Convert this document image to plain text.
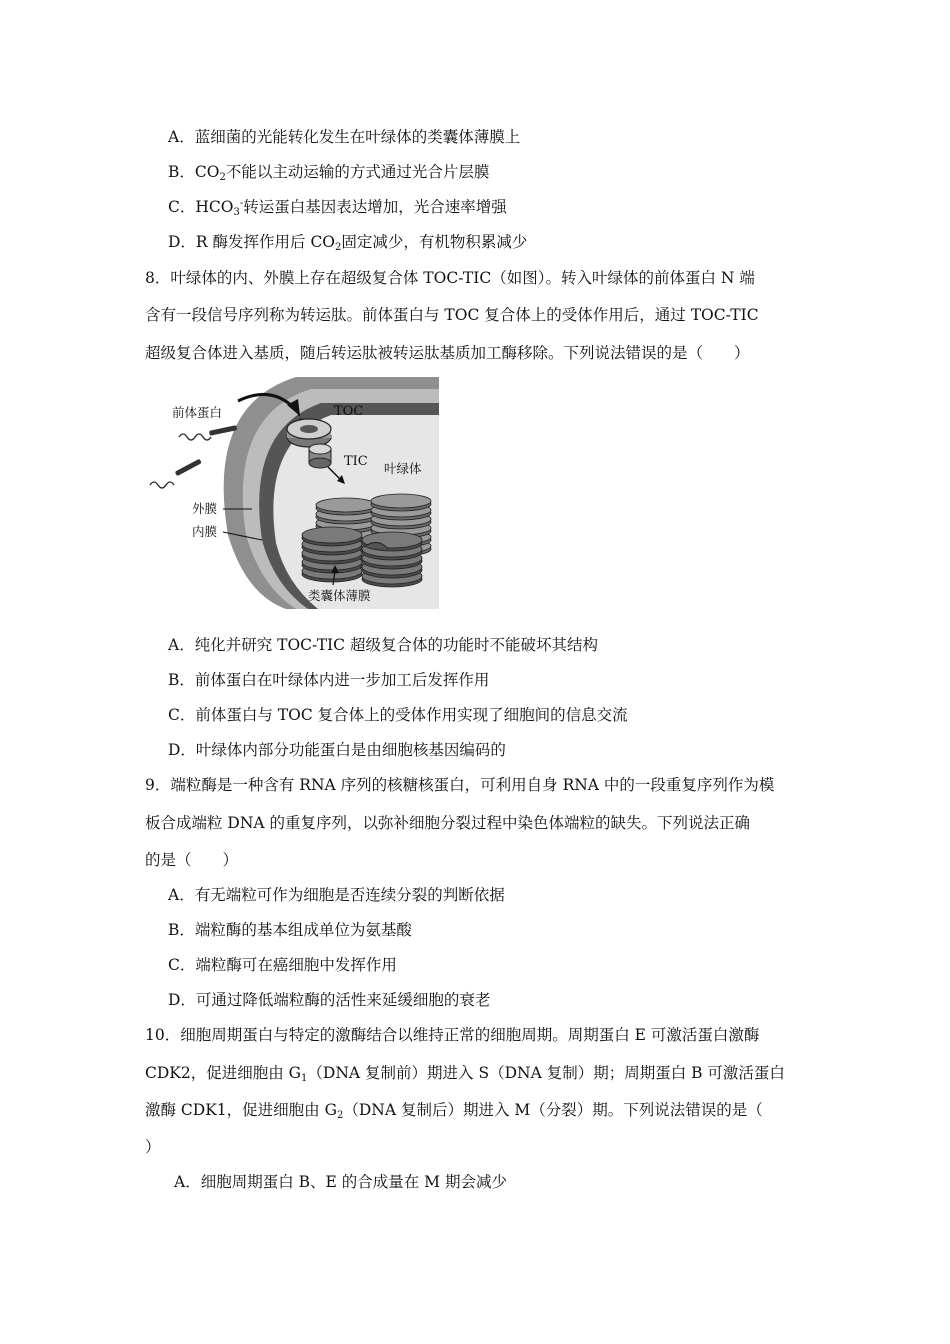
A．蓝细菌的光能转化发生在叶绿体的类囊体薄膜上
B．$CO_2$不能以主动运输的方式通过光合片层膜
C．$HCO_3^-$转运蛋白基因表达增加，光合速率增强
D．R 酶发挥作用后 $CO_2$固定减少，有机物积累减少
8．叶绿体的内、外膜上存在超级复合体 TOC-TIC（如图）。转入叶绿体的前体蛋白 N 端
含有一段信号序列称为转运肽。前体蛋白与 TOC 复合体上的受体作用后，通过 TOC-TIC
超级复合体进入基质，随后转运肽被转运肽基质加工酶移除。下列说法错误的是（　　）
前体蛋白	TOC
TIC 叶绿体
外膜
内膜
类囊体薄膜
A．纯化并研究 TOC-TIC 超级复合体的功能时不能破坏其结构
B．前体蛋白在叶绿体内进一步加工后发挥作用
C．前体蛋白与 TOC 复合体上的受体作用实现了细胞间的信息交流
D．叶绿体内部分功能蛋白是由细胞核基因编码的
9．端粒酶是一种含有 RNA 序列的核糖核蛋白，可利用自身 RNA 中的一段重复序列作为模
板合成端粒 DNA 的重复序列，以弥补细胞分裂过程中染色体端粒的缺失。下列说法正确
的是（　　）
A．有无端粒可作为细胞是否连续分裂的判断依据
B．端粒酶的基本组成单位为氨基酸
C．端粒酶可在癌细胞中发挥作用
D．可通过降低端粒酶的活性来延缓细胞的衰老
10．细胞周期蛋白与特定的激酶结合以维持正常的细胞周期。周期蛋白 E 可激活蛋白激酶
CDK2，促进细胞由 $G_1(DNA$ 复制前）期进入 S（DNA 复制）期；周期蛋白 B 可激活蛋白
激酶 CDK1，促进细胞由 $G_2(DNA$ 复制后）期进入 M（分裂）期。下列说法错误的是（
）
A．细胞周期蛋白 B、E 的合成量在 M 期会减少
